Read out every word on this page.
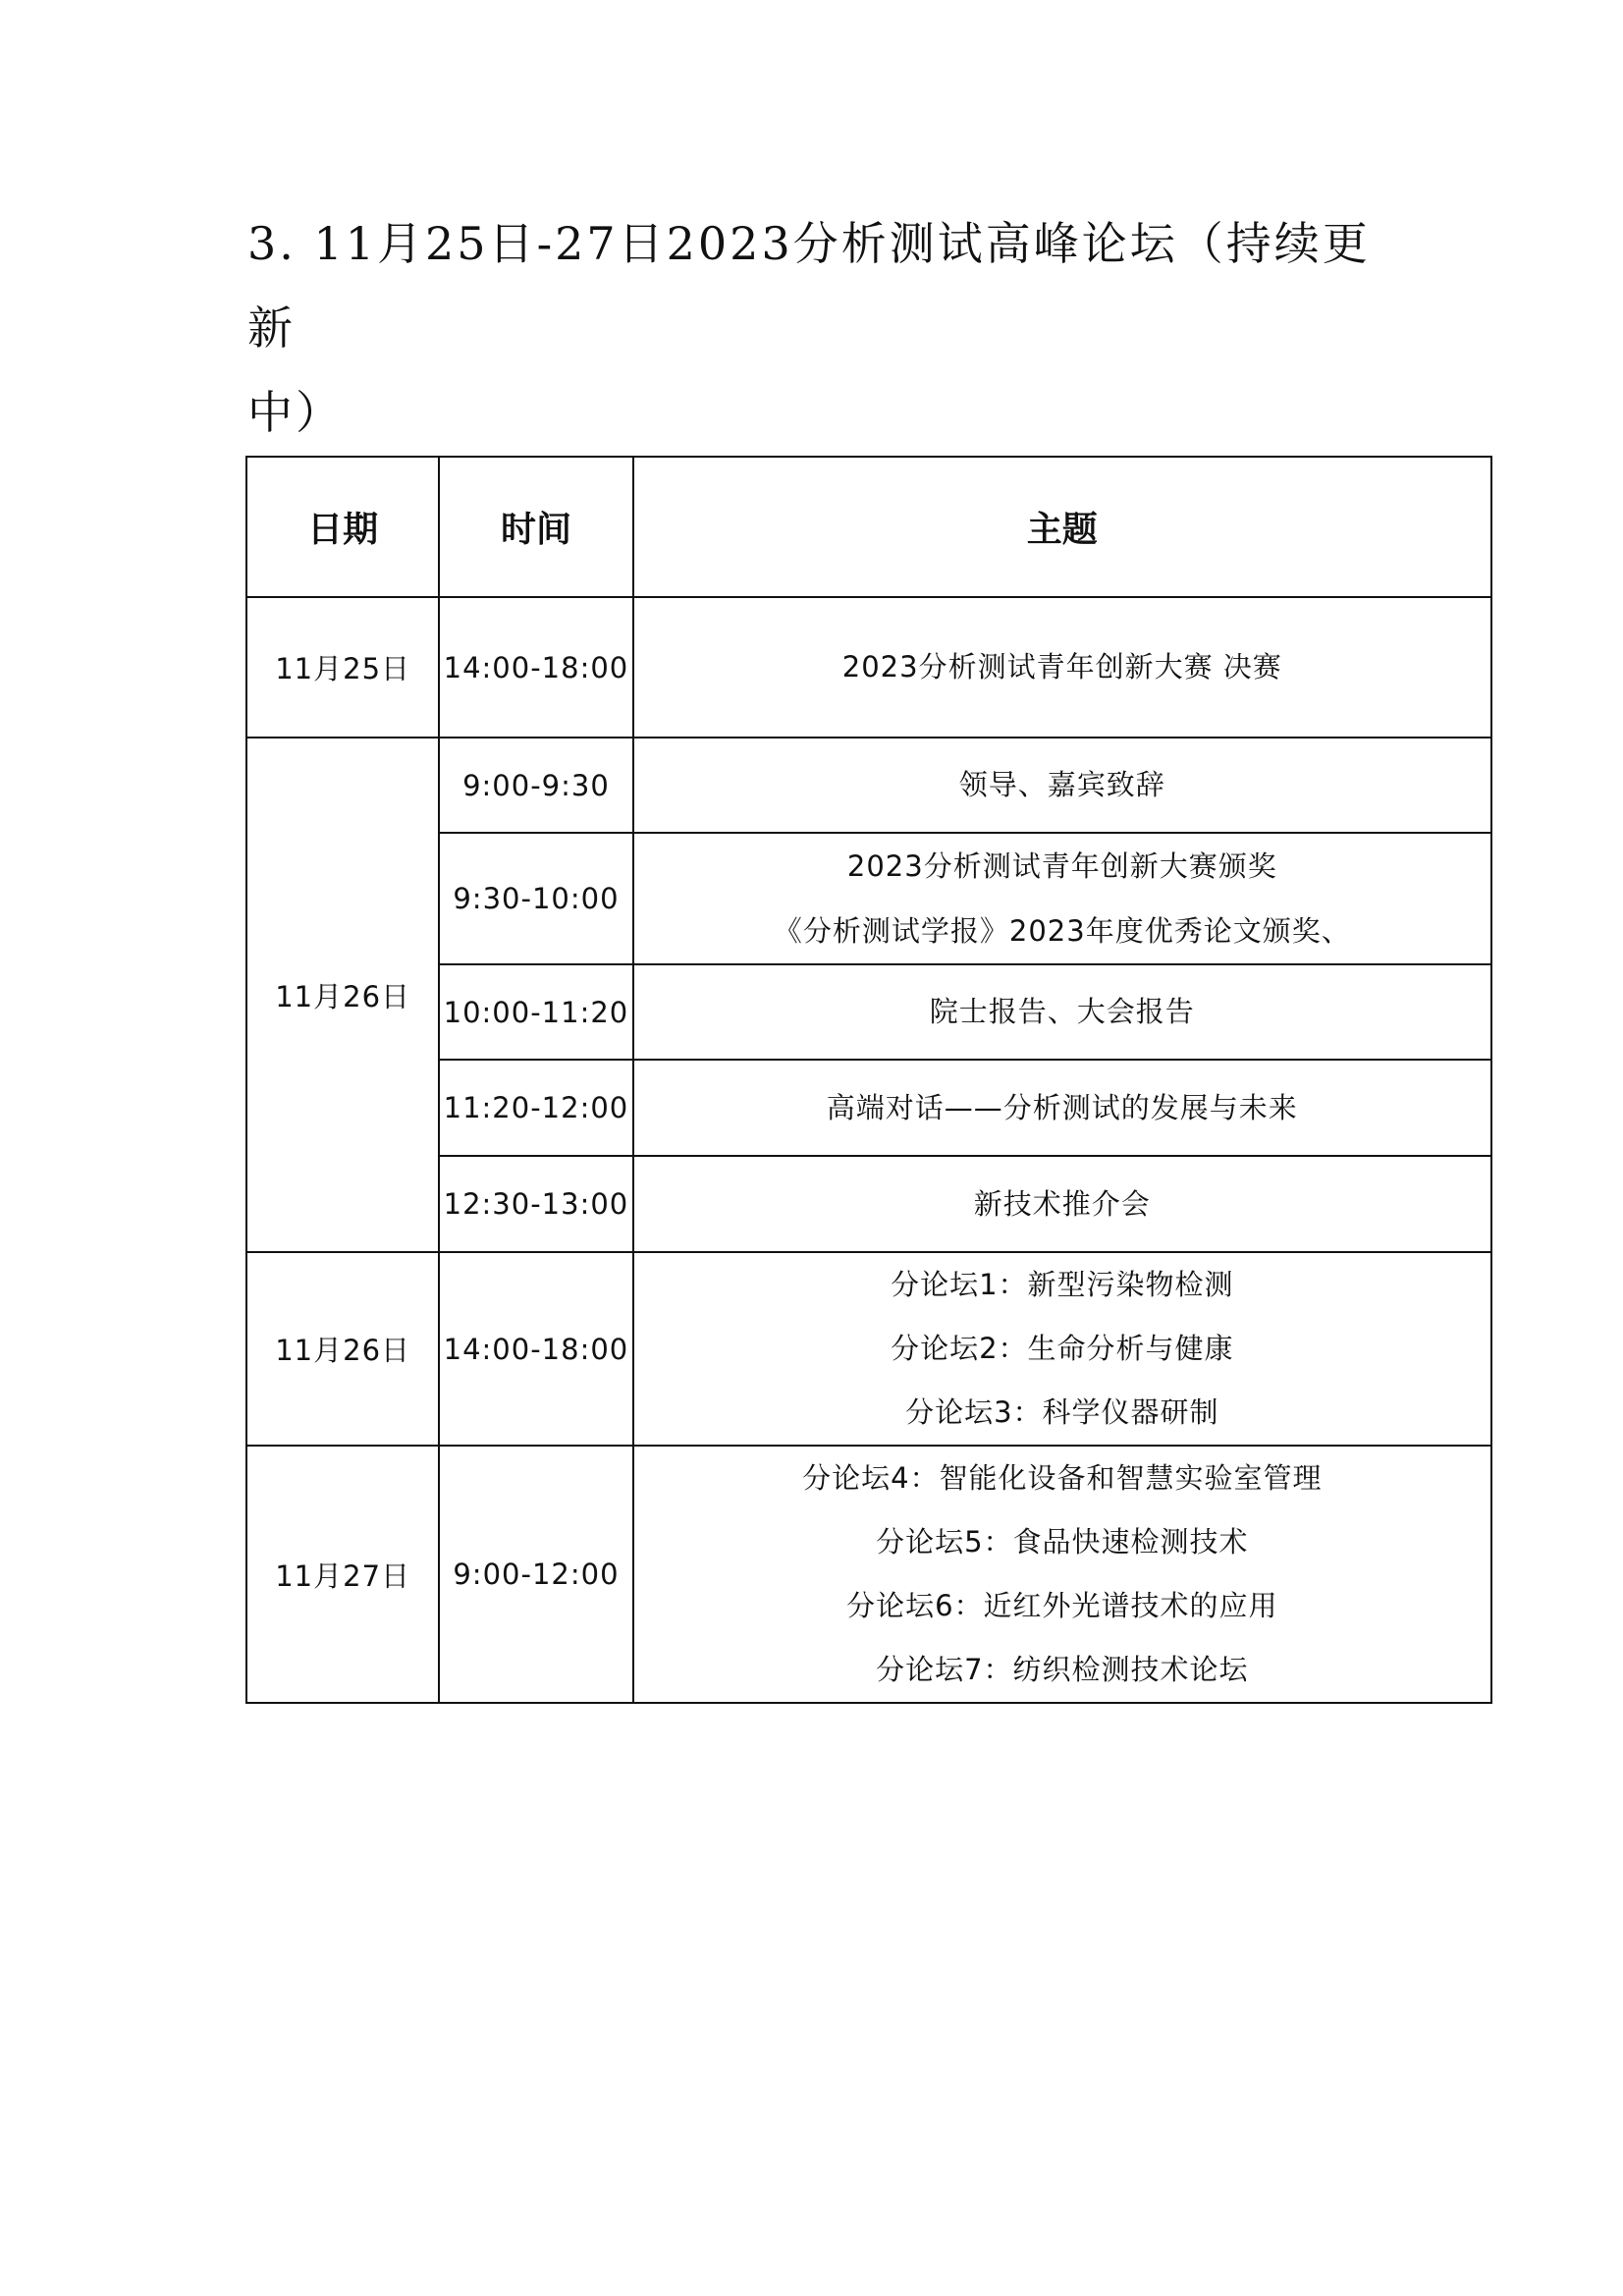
3. 11月25日-27日2023分析测试高峰论坛（持续更新
中）
日期	时间	主题
11月25日	14:00-18:00	2023分析测试青年创新大赛 决赛

11月26日	9:00-9:30	领导、嘉宾致辞

	9:30-10:00	2023分析测试青年创新大赛颁奖
《分析测试学报》2023年度优秀论文颁奖、

	10:00-11:20	院士报告、大会报告

	11:20-12:00	高端对话——分析测试的发展与未来

	12:30-13:00	新技术推介会

11月26日	14:00-18:00	分论坛1：新型污染物检测
分论坛2：生命分析与健康
分论坛3：科学仪器研制

11月27日	9:00-12:00	分论坛4：智能化设备和智慧实验室管理
分论坛5：食品快速检测技术
分论坛6：近红外光谱技术的应用
分论坛7：纺织检测技术论坛
